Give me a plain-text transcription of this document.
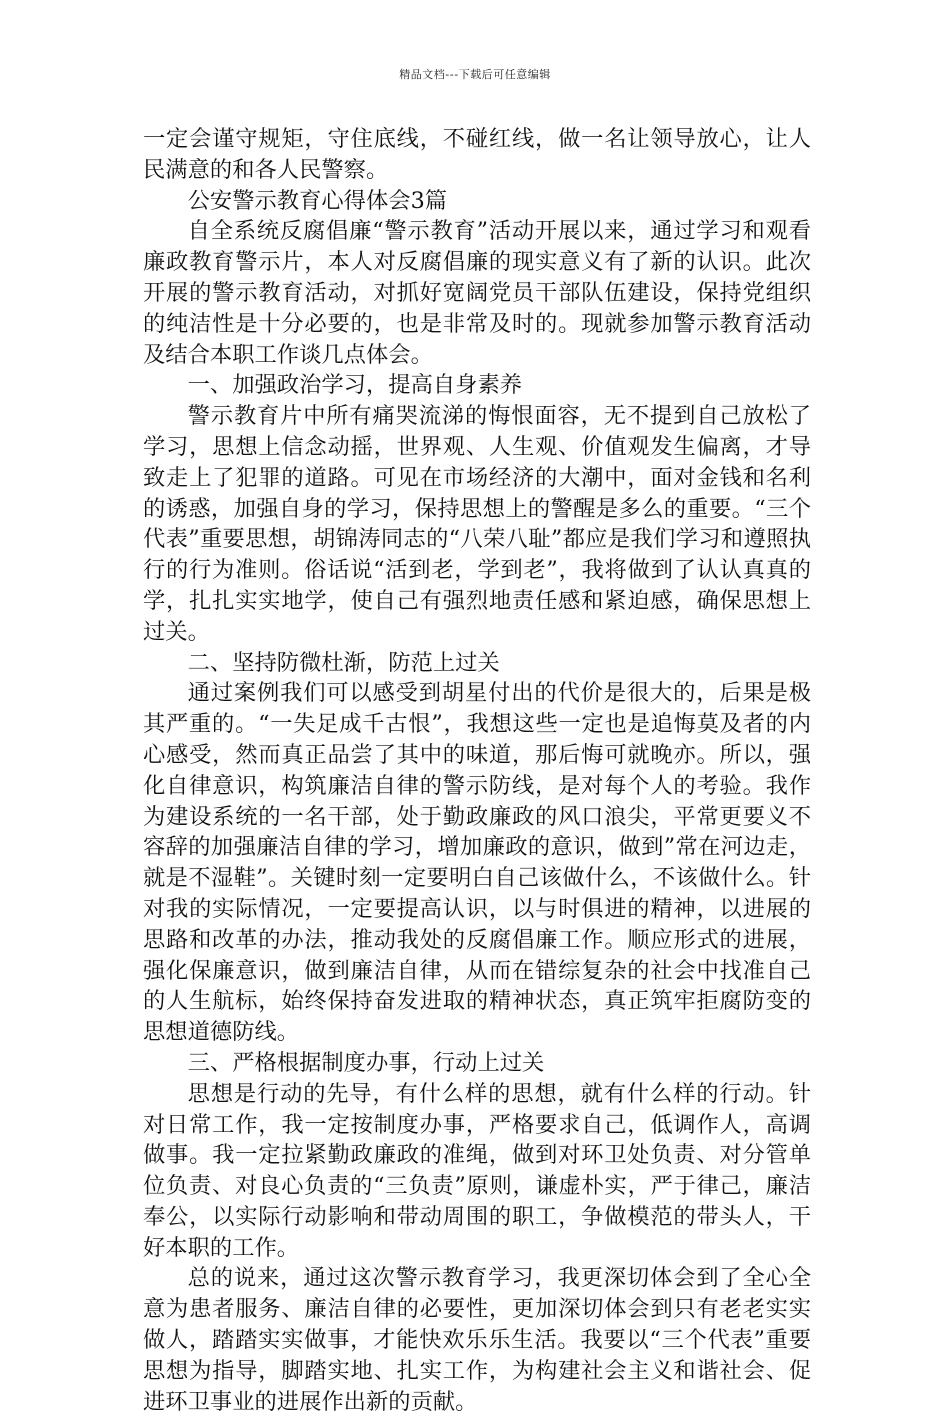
精品文档---下载后可任意编辑

一定会谨守规矩，守住底线，不碰红线，做一名让领导放心，让人民满意的和各人民警察。

公安警示教育心得体会3篇

自全系统反腐倡廉“警示教育”活动开展以来，通过学习和观看廉政教育警示片，本人对反腐倡廉的现实意义有了新的认识。此次开展的警示教育活动，对抓好宽阔党员干部队伍建设，保持党组织的纯洁性是十分必要的，也是非常及时的。现就参加警示教育活动及结合本职工作谈几点体会。

一、加强政治学习，提高自身素养

警示教育片中所有痛哭流涕的悔恨面容，无不提到自己放松了学习，思想上信念动摇，世界观、人生观、价值观发生偏离，才导致走上了犯罪的道路。可见在市场经济的大潮中，面对金钱和名利的诱惑，加强自身的学习，保持思想上的警醒是多么的重要。“三个代表”重要思想，胡锦涛同志的“八荣八耻”都应是我们学习和遵照执行的行为准则。俗话说“活到老，学到老”，我将做到了认认真真的学，扎扎实实地学，使自己有强烈地责任感和紧迫感，确保思想上过关。

二、坚持防微杜渐，防范上过关

通过案例我们可以感受到胡星付出的代价是很大的，后果是极其严重的。“一失足成千古恨”，我想这些一定也是追悔莫及者的内心感受，然而真正品尝了其中的味道，那后悔可就晚亦。所以，强化自律意识，构筑廉洁自律的警示防线，是对每个人的考验。我作为建设系统的一名干部，处于勤政廉政的风口浪尖，平常更要义不容辞的加强廉洁自律的学习，增加廉政的意识，做到”常在河边走，就是不湿鞋”。关键时刻一定要明白自己该做什么，不该做什么。针对我的实际情况，一定要提高认识，以与时俱进的精神，以进展的思路和改革的办法，推动我处的反腐倡廉工作。顺应形式的进展，强化保廉意识，做到廉洁自律，从而在错综复杂的社会中找准自己的人生航标，始终保持奋发进取的精神状态，真正筑牢拒腐防变的思想道德防线。

三、严格根据制度办事，行动上过关

思想是行动的先导，有什么样的思想，就有什么样的行动。针对日常工作，我一定按制度办事，严格要求自己，低调作人，高调做事。我一定拉紧勤政廉政的准绳，做到对环卫处负责、对分管单位负责、对良心负责的“三负责”原则，谦虚朴实，严于律己，廉洁奉公，以实际行动影响和带动周围的职工，争做模范的带头人，干好本职的工作。

总的说来，通过这次警示教育学习，我更深切体会到了全心全意为患者服务、廉洁自律的必要性，更加深切体会到只有老老实实做人，踏踏实实做事，才能快欢乐乐生活。我要以“三个代表”重要思想为指导，脚踏实地、扎实工作，为构建社会主义和谐社会、促进环卫事业的进展作出新的贡献。
